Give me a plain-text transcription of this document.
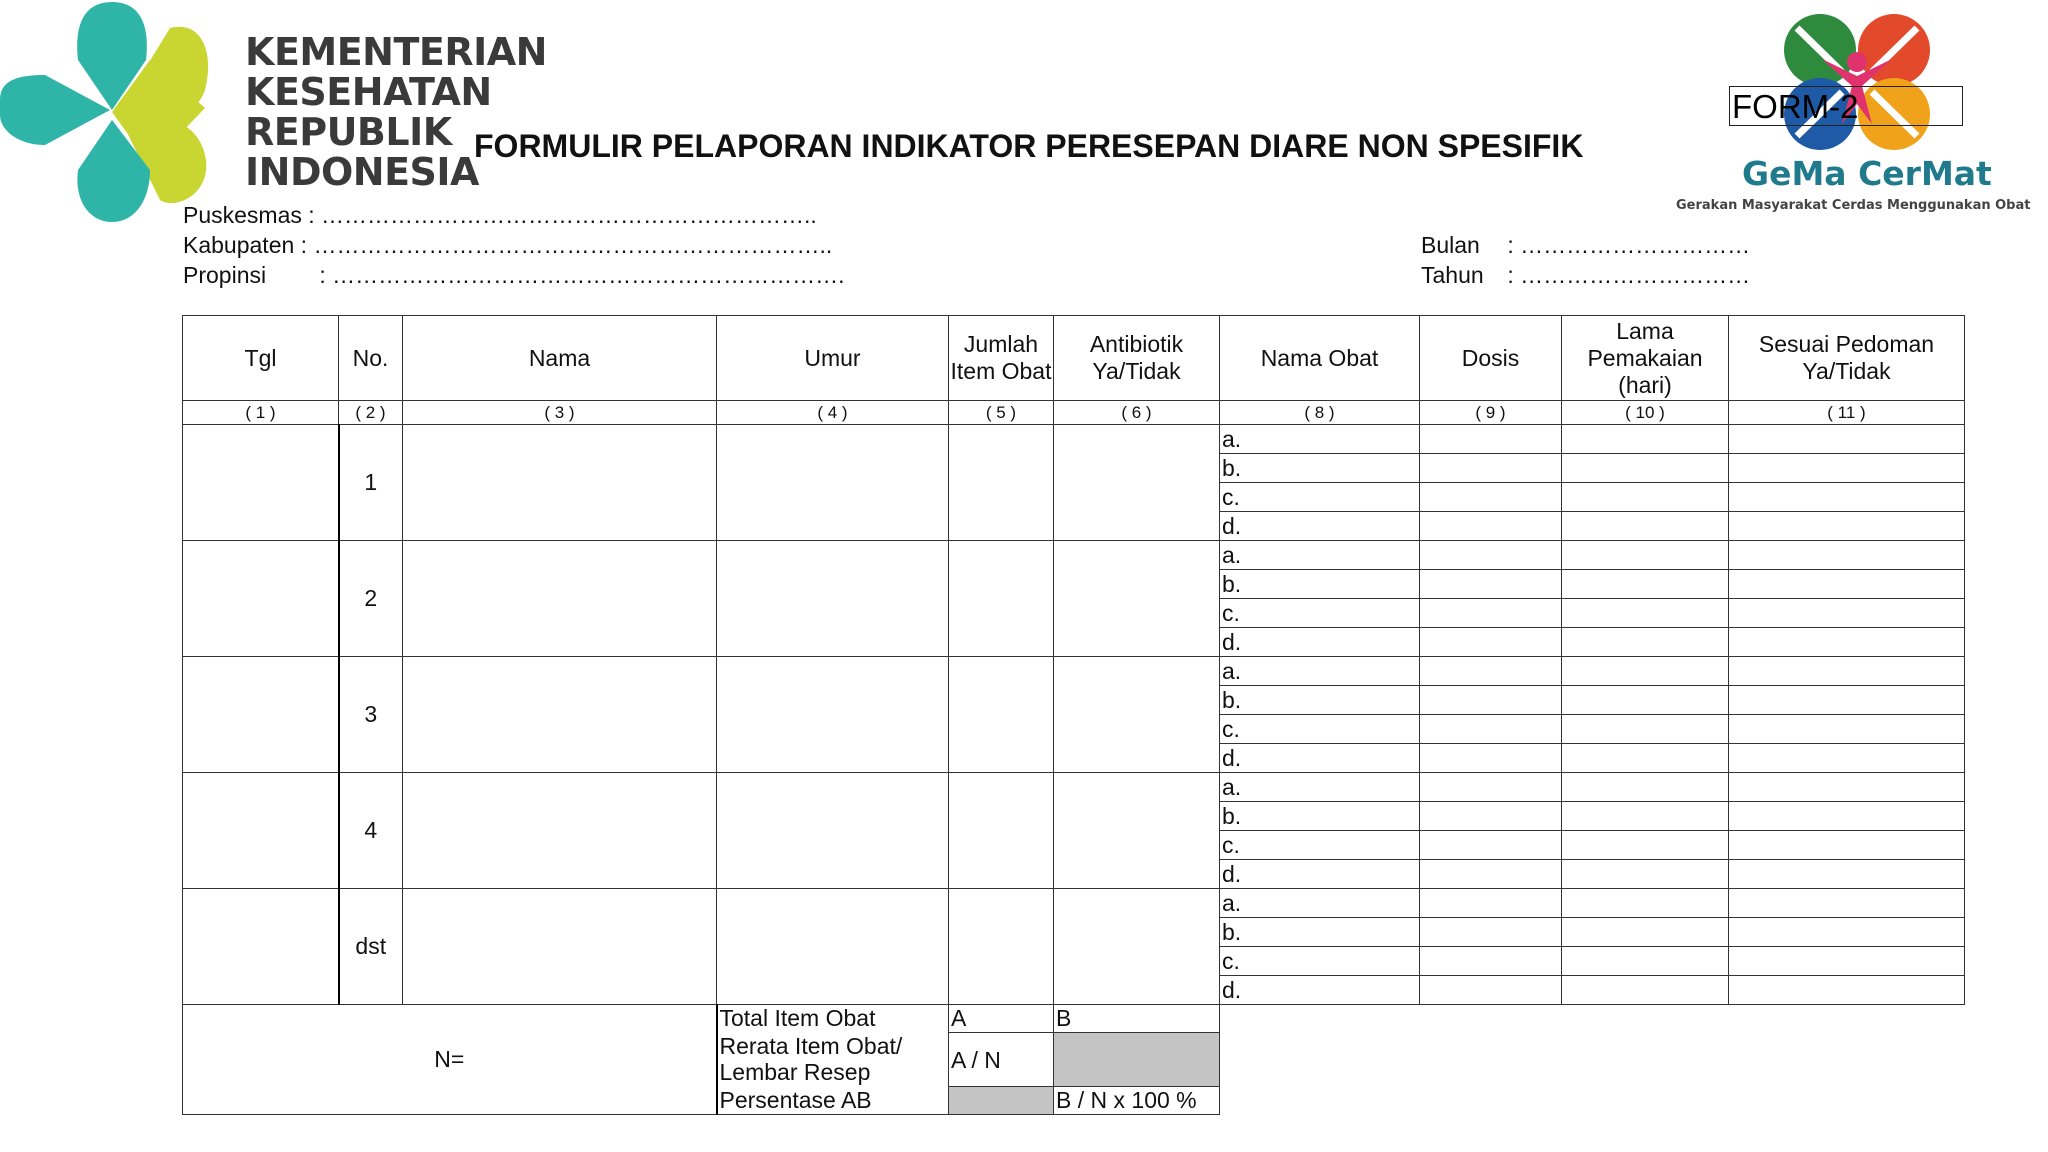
KEMENTERIAN
KESEHATAN
REPUBLIK
INDONESIA	GeMa CerMat
Gerakan Masyarakat Cerdas Menggunakan Obat
FORM-2
FORMULIR PELAPORAN INDIKATOR PERESEPAN DIARE NON SPESIFIK
Puskesmas : ………………………………………………………..
Kabupaten : …………………………………………………………..
Propinsi : ………………………………………………………….
Bulan : …………………………
Tahun : …………………………
Tgl	No.	Nama	Umur	Jumlah Item Obat	Antibiotik Ya/Tidak	Nama Obat	Dosis	Lama Pemakaian (hari)	Sesuai Pedoman Ya/Tidak
( 1 )	( 2 )	( 3 )	( 4 )	( 5 )	( 6 )	( 8 )	( 9 )	( 10 )	( 11 )
	1					a.			
						b.			
						c.			
						d.			
	2					a.			
						b.			
						c.			
						d.			
	3					a.			
						b.			
						c.			
						d.			
	4					a.			
						b.			
						c.			
						d.			
	dst					a.			
						b.			
						c.			
						d.			
N=			Total Item Obat	A	B				
			Rerata Item Obat/ Lembar Resep	A / N					
			Persentase AB		B / N x 100 %				
